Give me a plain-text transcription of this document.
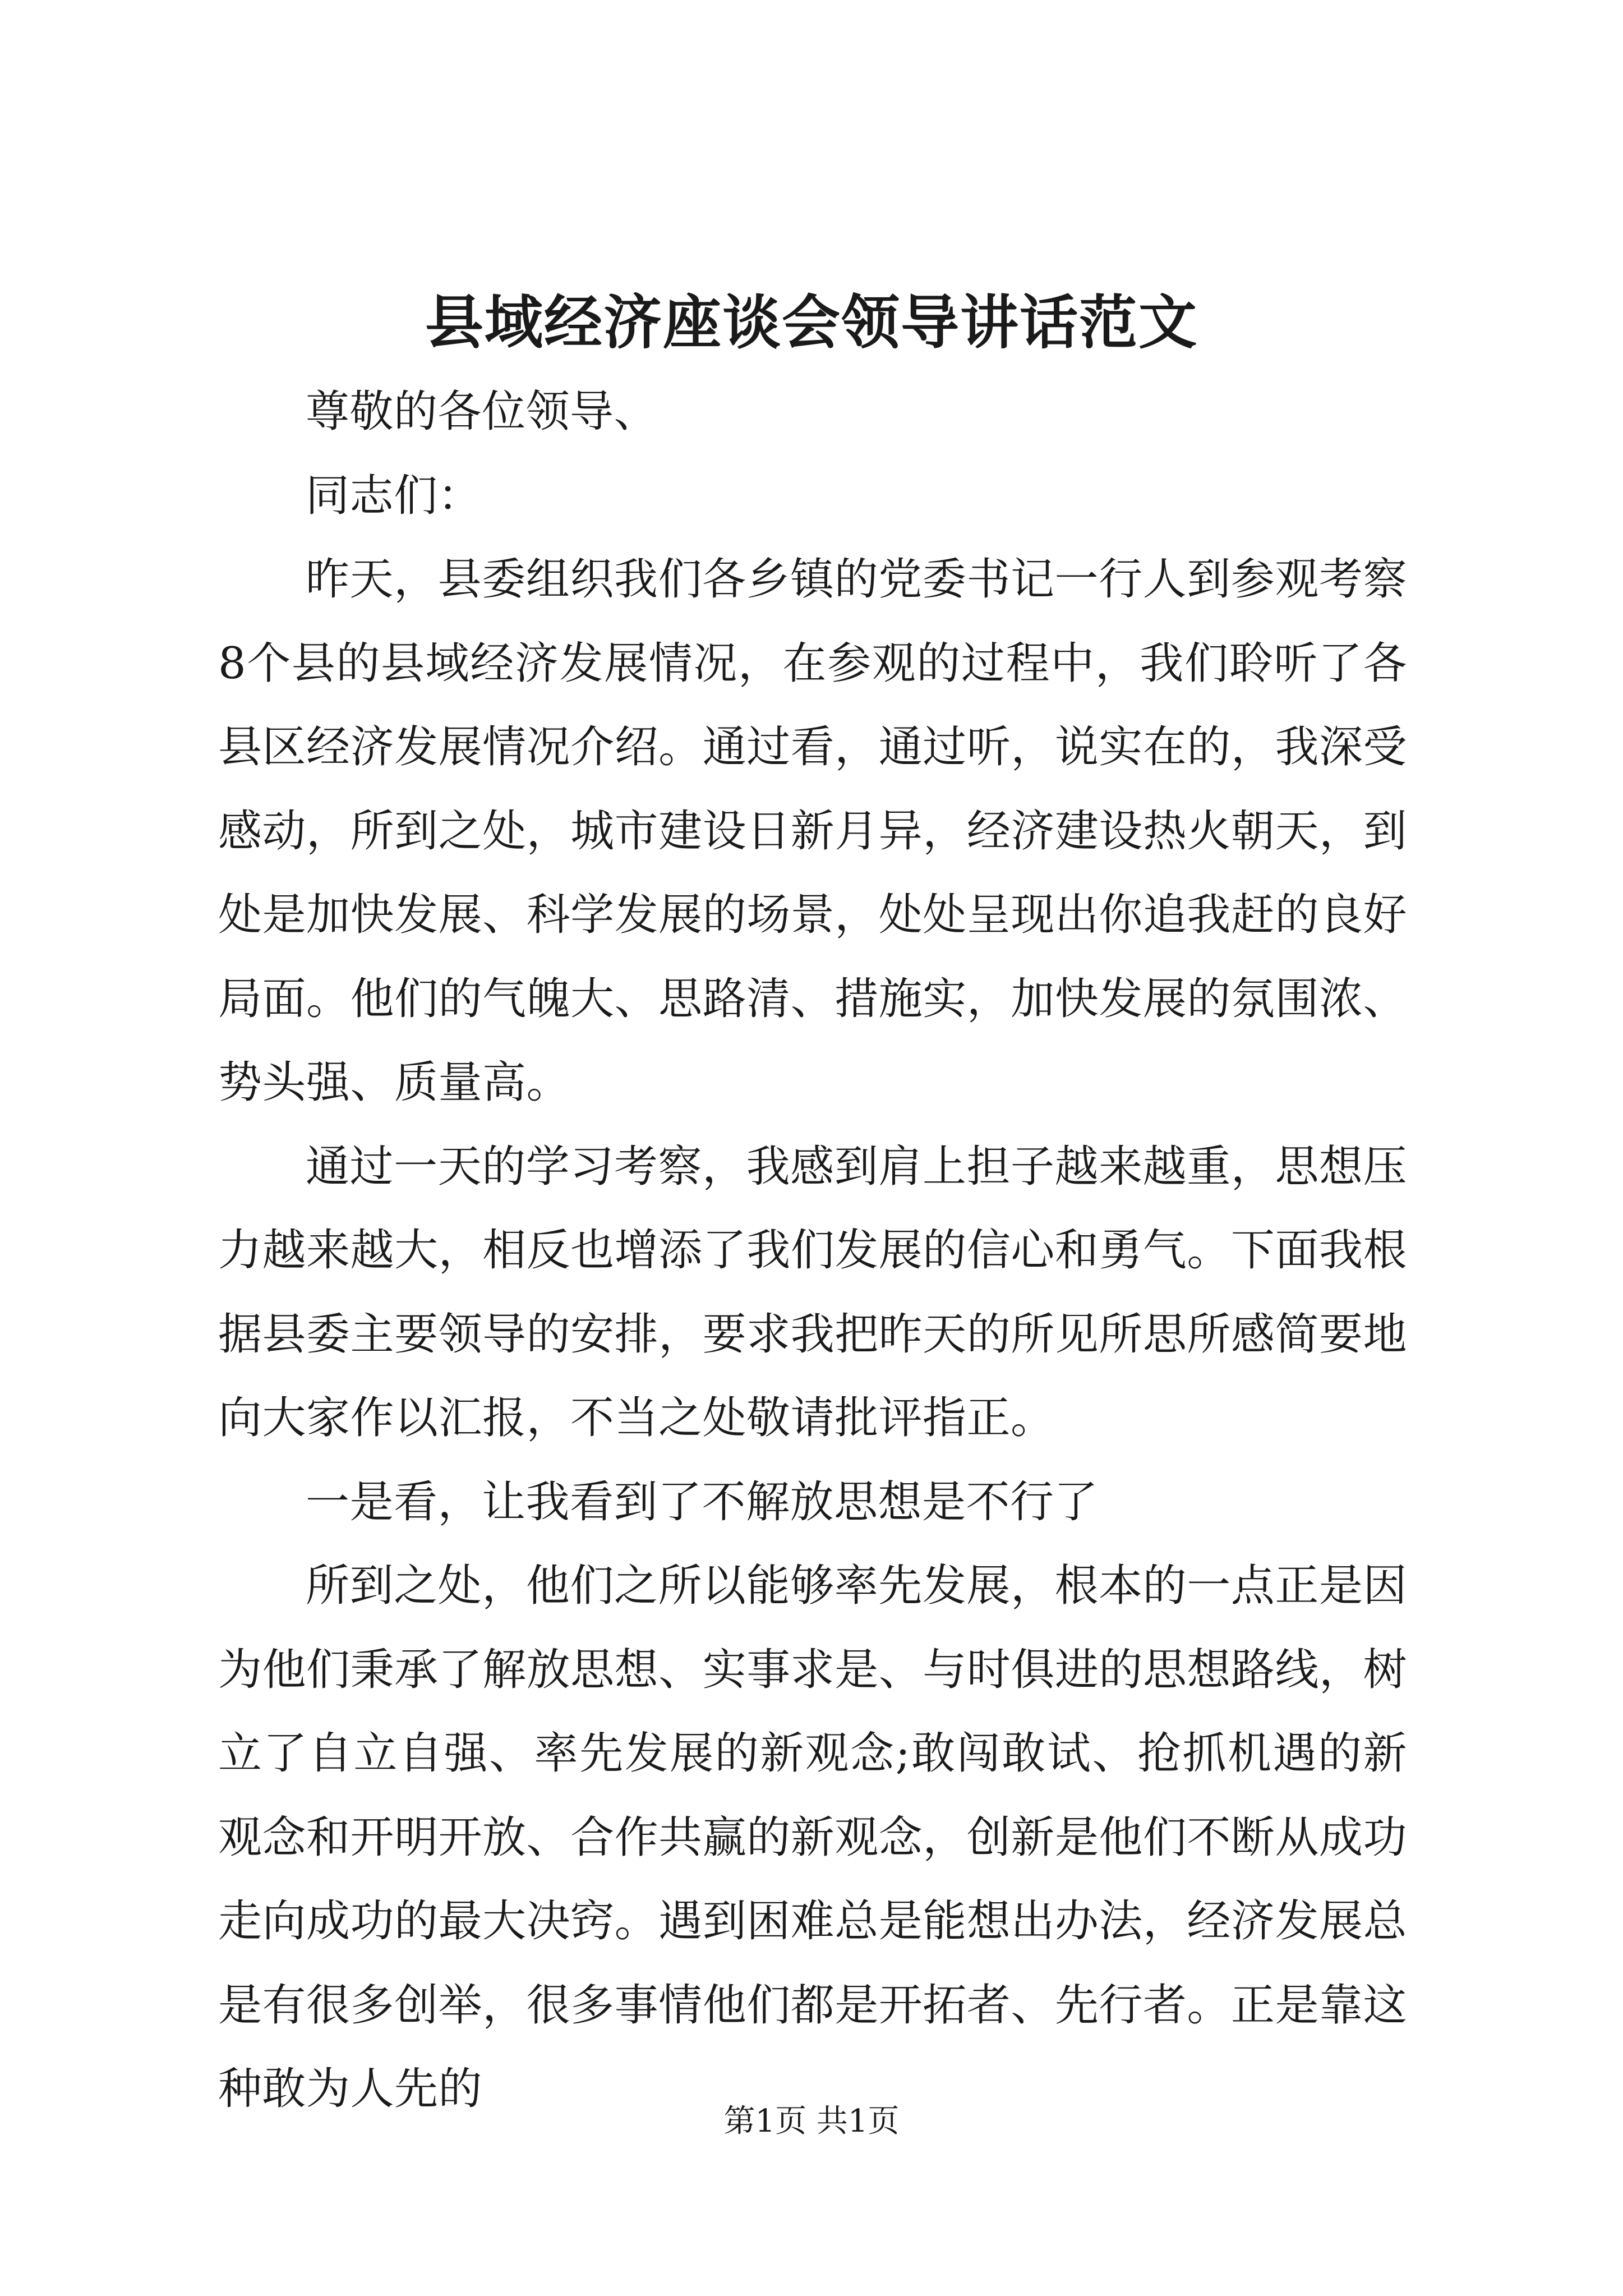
县域经济座谈会领导讲话范文

尊敬的各位领导、

同志们：

昨天，县委组织我们各乡镇的党委书记一行人到参观考察8个县的县域经济发展情况，在参观的过程中，我们聆听了各县区经济发展情况介绍。通过看，通过听，说实在的，我深受感动，所到之处，城市建设日新月异，经济建设热火朝天，到处是加快发展、科学发展的场景，处处呈现出你追我赶的良好局面。他们的气魄大、思路清、措施实，加快发展的氛围浓、势头强、质量高。

通过一天的学习考察，我感到肩上担子越来越重，思想压力越来越大，相反也增添了我们发展的信心和勇气。下面我根据县委主要领导的安排，要求我把昨天的所见所思所感简要地向大家作以汇报，不当之处敬请批评指正。

一是看，让我看到了不解放思想是不行了

所到之处，他们之所以能够率先发展，根本的一点正是因为他们秉承了解放思想、实事求是、与时俱进的思想路线，树立了自立自强、率先发展的新观念;敢闯敢试、抢抓机遇的新观念和开明开放、合作共赢的新观念，创新是他们不断从成功走向成功的最大决窍。遇到困难总是能想出办法，经济发展总是有很多创举，很多事情他们都是开拓者、先行者。正是靠这种敢为人先的

第1页 共1页
